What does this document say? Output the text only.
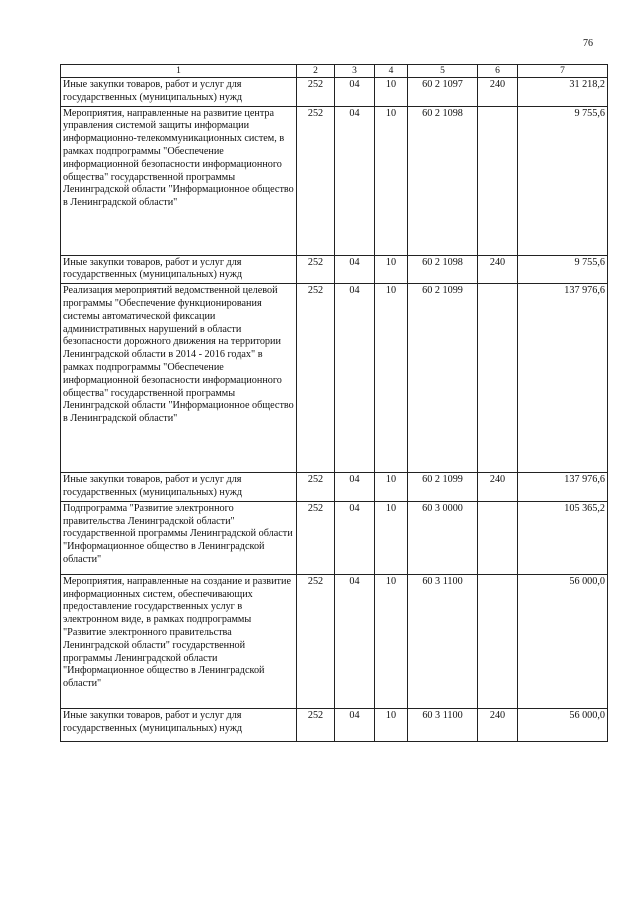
76
1	2	3	4	5	6	7
Иные закупки товаров, работ и услуг для государственных (муниципальных) нужд	252	04	10	60 2 1097	240	31 218,2
Мероприятия, направленные на развитие центра управления системой защиты информации информационно-телекоммуникационных систем, в рамках подпрограммы "Обеспечение информационной безопасности информационного общества" государственной программы Ленинградской области "Информационное общество в Ленинградской области"	252	04	10	60 2 1098		9 755,6
Иные закупки товаров, работ и услуг для государственных (муниципальных) нужд	252	04	10	60 2 1098	240	9 755,6
Реализация мероприятий ведомственной целевой программы "Обеспечение функционирования системы автоматической фиксации административных нарушений в области безопасности дорожного движения на территории Ленинградской области в 2014 - 2016 годах" в рамках подпрограммы "Обеспечение информационной безопасности информационного общества" государственной программы Ленинградской области "Информационное общество в Ленинградской области"	252	04	10	60 2 1099		137 976,6
Иные закупки товаров, работ и услуг для государственных (муниципальных) нужд	252	04	10	60 2 1099	240	137 976,6
Подпрограмма "Развитие электронного правительства Ленинградской области" государственной программы Ленинградской области "Информационное общество в Ленинградской области"	252	04	10	60 3 0000		105 365,2
Мероприятия, направленные на создание и развитие информационных систем, обеспечивающих предоставление государственных услуг в электронном виде, в рамках подпрограммы "Развитие электронного правительства Ленинградской области" государственной программы Ленинградской области "Информационное общество в Ленинградской области"	252	04	10	60 3 1100		56 000,0
Иные закупки товаров, работ и услуг для государственных (муниципальных) нужд	252	04	10	60 3 1100	240	56 000,0
